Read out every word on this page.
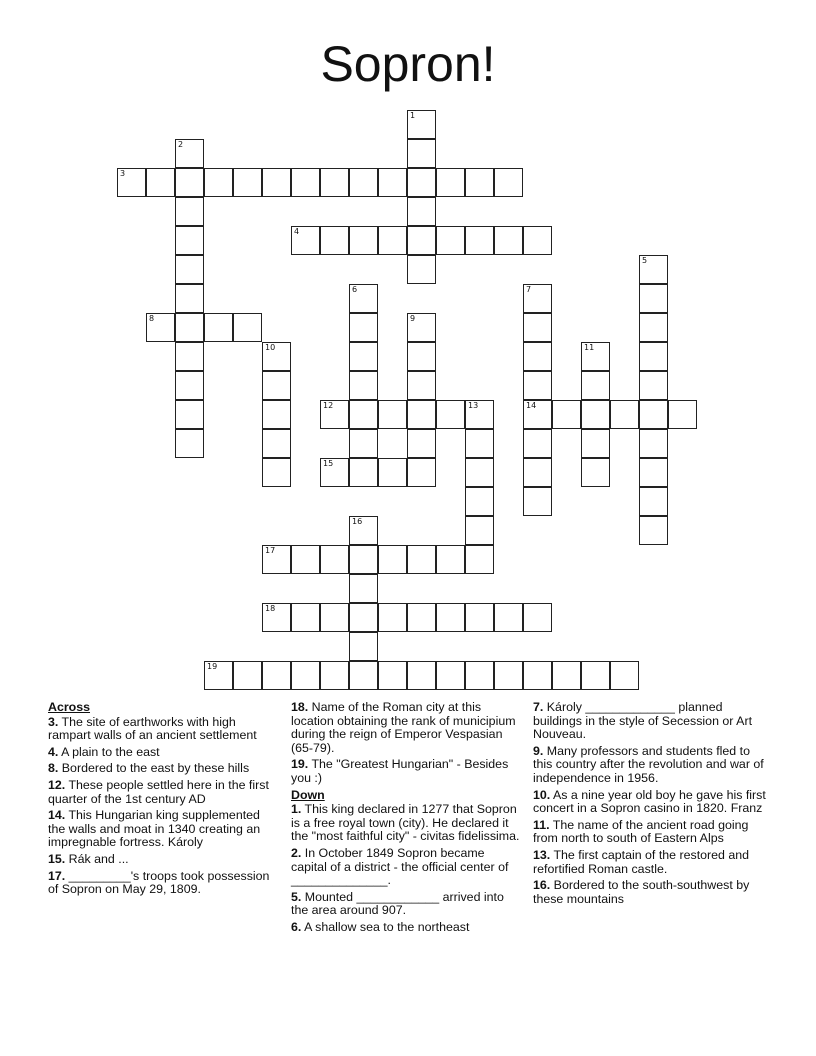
Sopron!
1
2
3
4
5
6	7
14
8	9
10	11
12	13
15
16
17
18
19
Across
3. The site of earthworks with high rampart walls of an ancient settlement
4. A plain to the east
8. Bordered to the east by these hills
12. These people settled here in the first quarter of the 1st century AD
14. This Hungarian king supplemented the walls and moat in 1340 creating an impregnable fortress. Károly
15. Rák and ...
17. _________'s troops took possession of Sopron on May 29, 1809.
18. Name of the Roman city at this location obtaining the rank of municipium during the reign of Emperor Vespasian (65-79).
19. The "Greatest Hungarian" - Besides you :)
Down
1. This king declared in 1277 that Sopron is a free royal town (city). He declared it the "most faithful city" - civitas fidelissima.
2. In October 1849 Sopron became capital of a district - the official center of ______________.
5. Mounted ____________ arrived into the area around 907.
6. A shallow sea to the northeast
7. Károly _____________ planned buildings in the style of Secession or Art Nouveau.
9. Many professors and students fled to this country after the revolution and war of independence in 1956.
10. As a nine year old boy he gave his first concert in a Sopron casino in 1820. Franz
11. The name of the ancient road going from north to south of Eastern Alps
13. The first captain of the restored and refortified Roman castle.
16. Bordered to the south-southwest by these mountains
